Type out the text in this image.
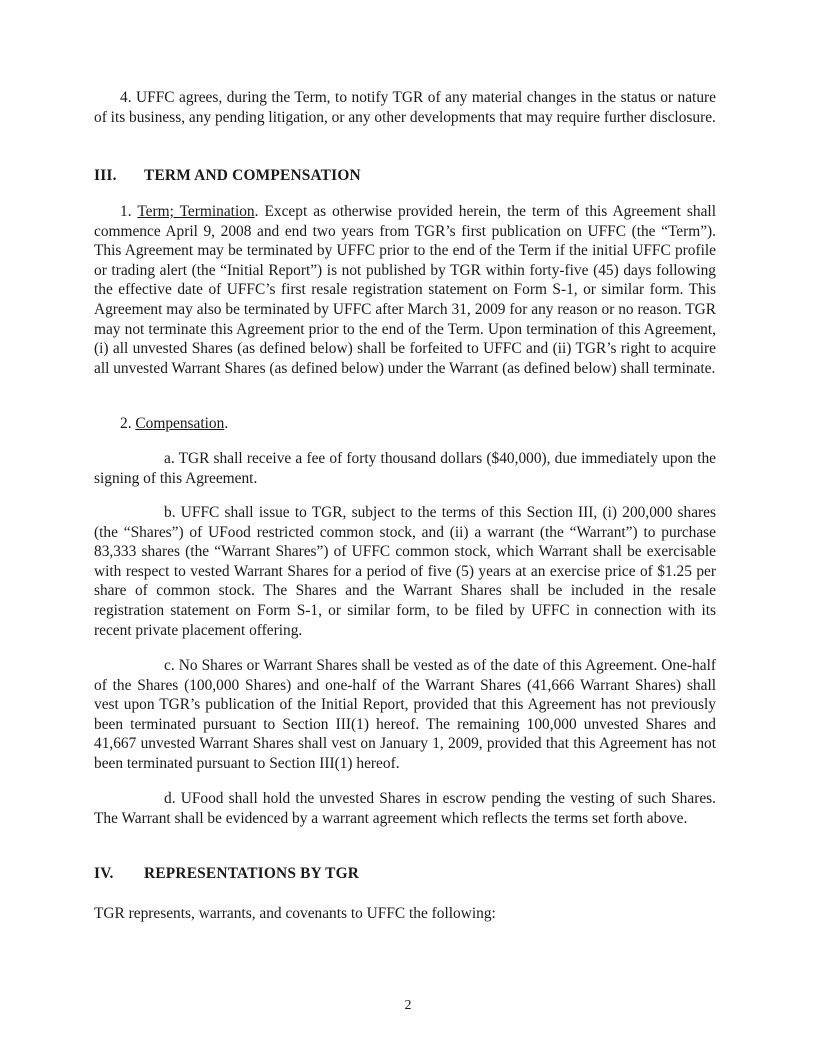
4. UFFC agrees, during the Term, to notify TGR of any material changes in the status or nature of its business, any pending litigation, or any other developments that may require further disclosure.

III. TERM AND COMPENSATION

1. Term; Termination. Except as otherwise provided herein, the term of this Agreement shall commence April 9, 2008 and end two years from TGR’s first publication on UFFC (the “Term”). This Agreement may be terminated by UFFC prior to the end of the Term if the initial UFFC profile or trading alert (the “Initial Report”) is not published by TGR within forty-five (45) days following the effective date of UFFC’s first resale registration statement on Form S-1, or similar form. This Agreement may also be terminated by UFFC after March 31, 2009 for any reason or no reason. TGR may not terminate this Agreement prior to the end of the Term. Upon termination of this Agreement, (i) all unvested Shares (as defined below) shall be forfeited to UFFC and (ii) TGR’s right to acquire all unvested Warrant Shares (as defined below) under the Warrant (as defined below) shall terminate.

2. Compensation.

a. TGR shall receive a fee of forty thousand dollars ($40,000), due immediately upon the signing of this Agreement.

b. UFFC shall issue to TGR, subject to the terms of this Section III, (i) 200,000 shares (the “Shares”) of UFood restricted common stock, and (ii) a warrant (the “Warrant”) to purchase 83,333 shares (the “Warrant Shares”) of UFFC common stock, which Warrant shall be exercisable with respect to vested Warrant Shares for a period of five (5) years at an exercise price of $1.25 per share of common stock. The Shares and the Warrant Shares shall be included in the resale registration statement on Form S-1, or similar form, to be filed by UFFC in connection with its recent private placement offering.

c. No Shares or Warrant Shares shall be vested as of the date of this Agreement. One-half of the Shares (100,000 Shares) and one-half of the Warrant Shares (41,666 Warrant Shares) shall vest upon TGR’s publication of the Initial Report, provided that this Agreement has not previously been terminated pursuant to Section III(1) hereof. The remaining 100,000 unvested Shares and 41,667 unvested Warrant Shares shall vest on January 1, 2009, provided that this Agreement has not been terminated pursuant to Section III(1) hereof.

d. UFood shall hold the unvested Shares in escrow pending the vesting of such Shares. The Warrant shall be evidenced by a warrant agreement which reflects the terms set forth above.

IV. REPRESENTATIONS BY TGR

TGR represents, warrants, and covenants to UFFC the following:

2
